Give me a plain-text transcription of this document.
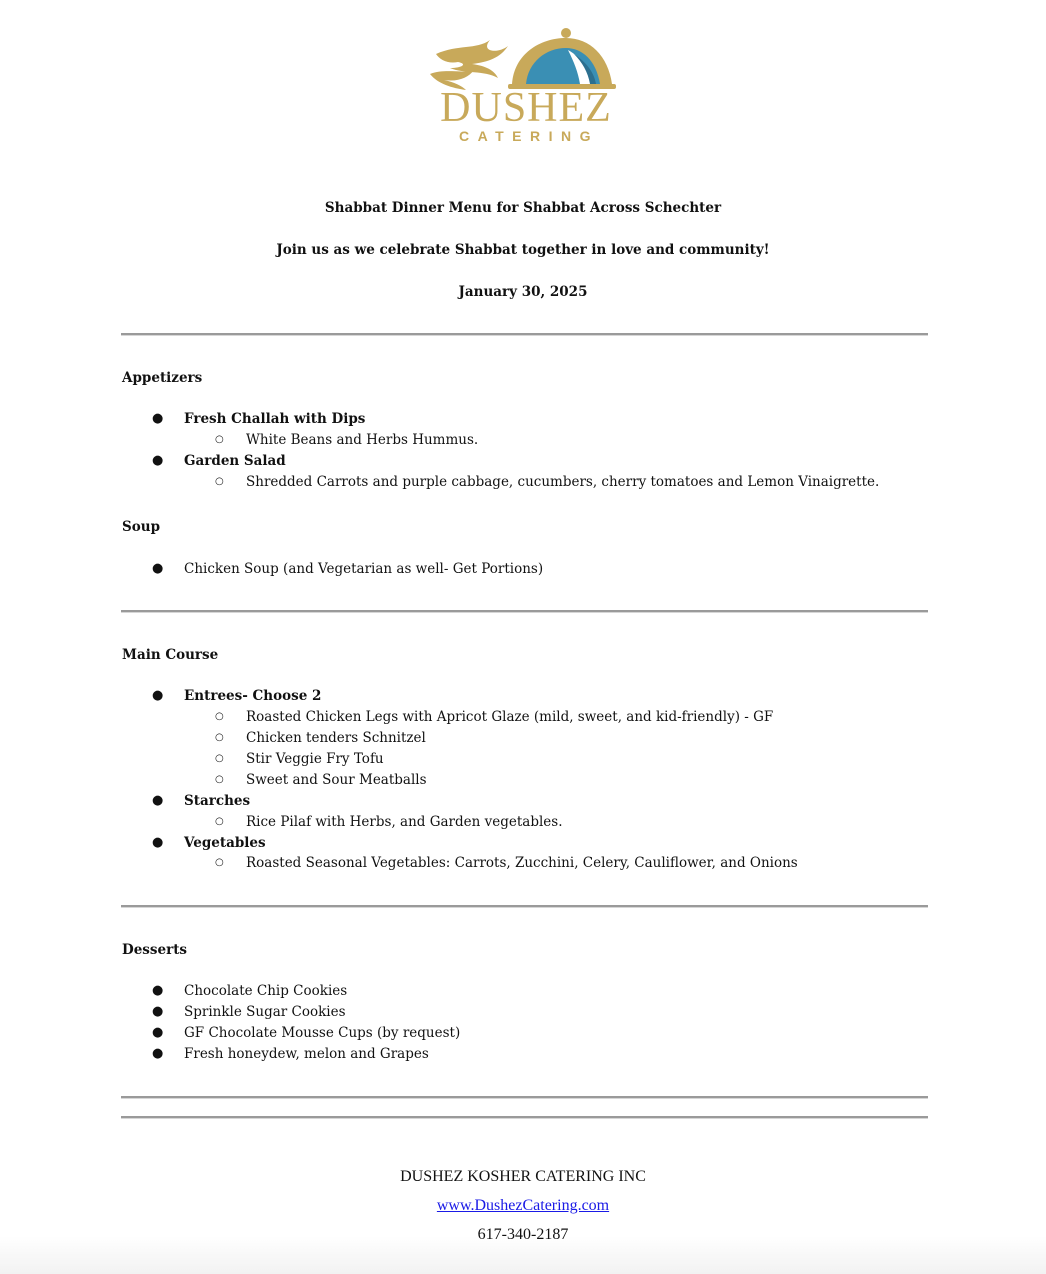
DUSHEZ
CATERING
Shabbat Dinner Menu for Shabbat Across Schechter
Join us as we celebrate Shabbat together in love and community!
January 30, 2025
Appetizers
● Fresh Challah with Dips
○ White Beans and Herbs Hummus.
● Garden Salad
○ Shredded Carrots and purple cabbage, cucumbers, cherry tomatoes and Lemon Vinaigrette.
Soup
● Chicken Soup (and Vegetarian as well- Get Portions)
Main Course
● Entrees- Choose 2
○ Roasted Chicken Legs with Apricot Glaze (mild, sweet, and kid-friendly) - GF
○ Chicken tenders Schnitzel
○ Stir Veggie Fry Tofu
○ Sweet and Sour Meatballs
● Starches
○ Rice Pilaf with Herbs, and Garden vegetables.
● Vegetables
○ Roasted Seasonal Vegetables: Carrots, Zucchini, Celery, Cauliflower, and Onions
Desserts
● Chocolate Chip Cookies
● Sprinkle Sugar Cookies
● GF Chocolate Mousse Cups (by request)
● Fresh honeydew, melon and Grapes
DUSHEZ KOSHER CATERING INC
www.DushezCatering.com
617-340-2187
